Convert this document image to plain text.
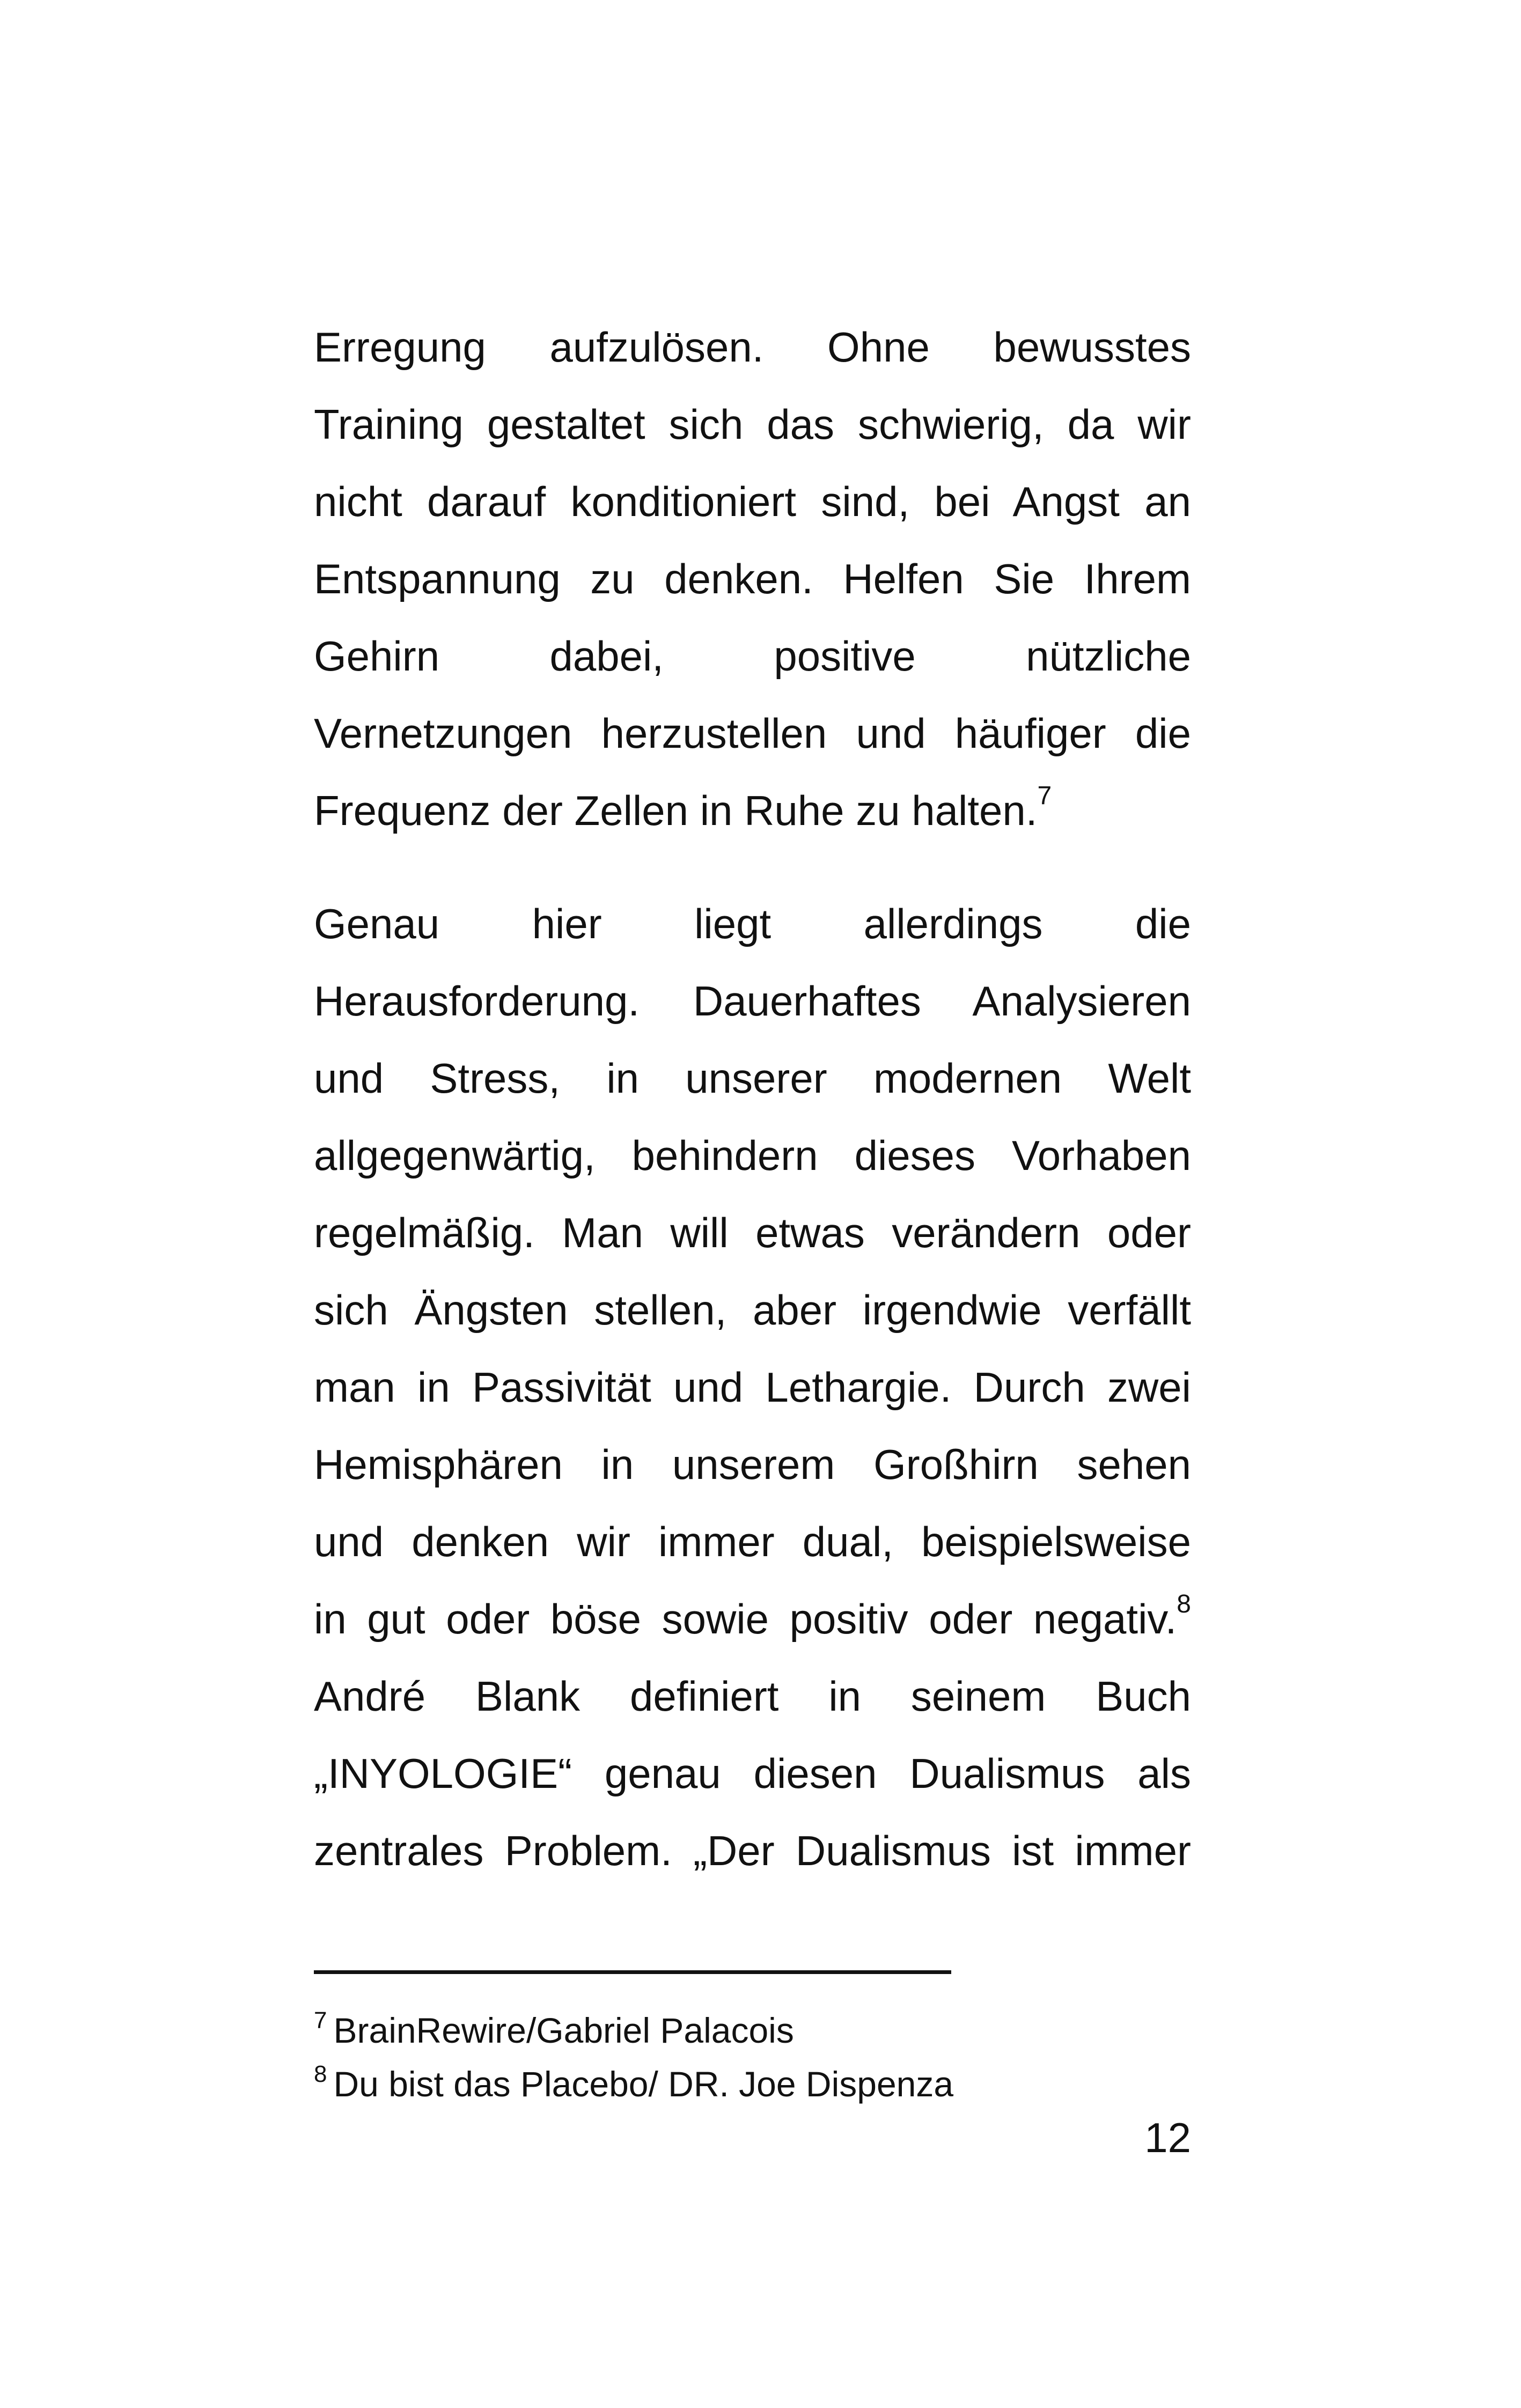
Erregung aufzulösen. Ohne bewusstes
Training gestaltet sich das schwierig, da wir
nicht darauf konditioniert sind, bei Angst an
Entspannung zu denken. Helfen Sie Ihrem
Gehirn dabei, positive nützliche
Vernetzungen herzustellen und häufiger die
Frequenz der Zellen in Ruhe zu halten.$^7$
Genau hier liegt allerdings die
Herausforderung. Dauerhaftes Analysieren
und Stress, in unserer modernen Welt
allgegenwärtig, behindern dieses Vorhaben
regelmäßig. Man will etwas verändern oder
sich Ängsten stellen, aber irgendwie verfällt
man in Passivität und Lethargie. Durch zwei
Hemisphären in unserem Großhirn sehen
und denken wir immer dual, beispielsweise
in gut oder böse sowie positiv oder negativ.$^8$
André Blank definiert in seinem Buch
„INYOLOGIE“ genau diesen Dualismus als
zentrales Problem. „Der Dualismus ist immer
$^7$ BrainRewire/Gabriel Palacois
$^8$ Du bist das Placebo/ DR. Joe Dispenza
12
